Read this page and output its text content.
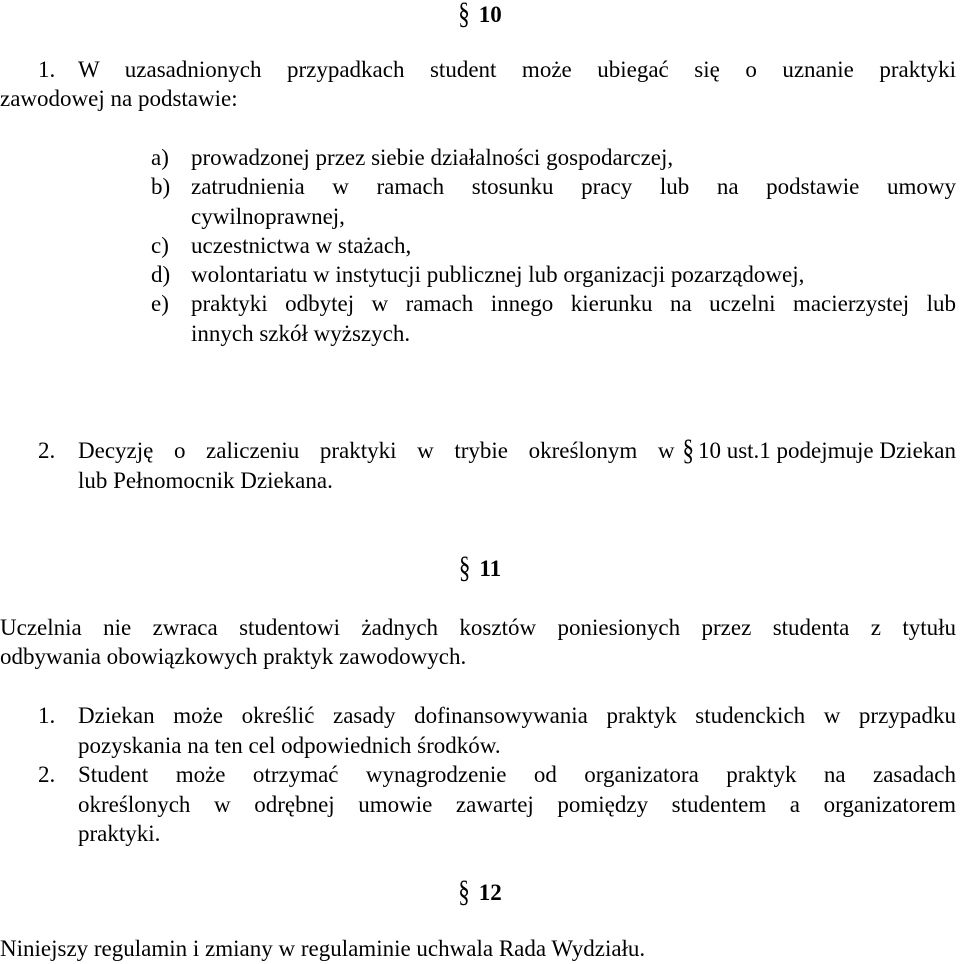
§ 10
1. W uzasadnionych przypadkach student może ubiegać się o uznanie praktyki
zawodowej na podstawie:
a) prowadzonej przez siebie działalności gospodarczej,
b) zatrudnienia w ramach stosunku pracy lub na podstawie umowy
cywilnoprawnej,
c) uczestnictwa w stażach,
d) wolontariatu w instytucji publicznej lub organizacji pozarządowej,
e) praktyki odbytej w ramach innego kierunku na uczelni macierzystej lub
innych szkół wyższych.
2. Decyzję o zaliczeniu praktyki w trybie określonym w § 10 ust.1 podejmuje Dziekan
lub Pełnomocnik Dziekana.
§ 11
Uczelnia nie zwraca studentowi żadnych kosztów poniesionych przez studenta z tytułu
odbywania obowiązkowych praktyk zawodowych.
1. Dziekan może określić zasady dofinansowywania praktyk studenckich w przypadku
pozyskania na ten cel odpowiednich środków.
2. Student może otrzymać wynagrodzenie od organizatora praktyk na zasadach
określonych w odrębnej umowie zawartej pomiędzy studentem a organizatorem
praktyki.
§ 12
Niniejszy regulamin i zmiany w regulaminie uchwala Rada Wydziału.
